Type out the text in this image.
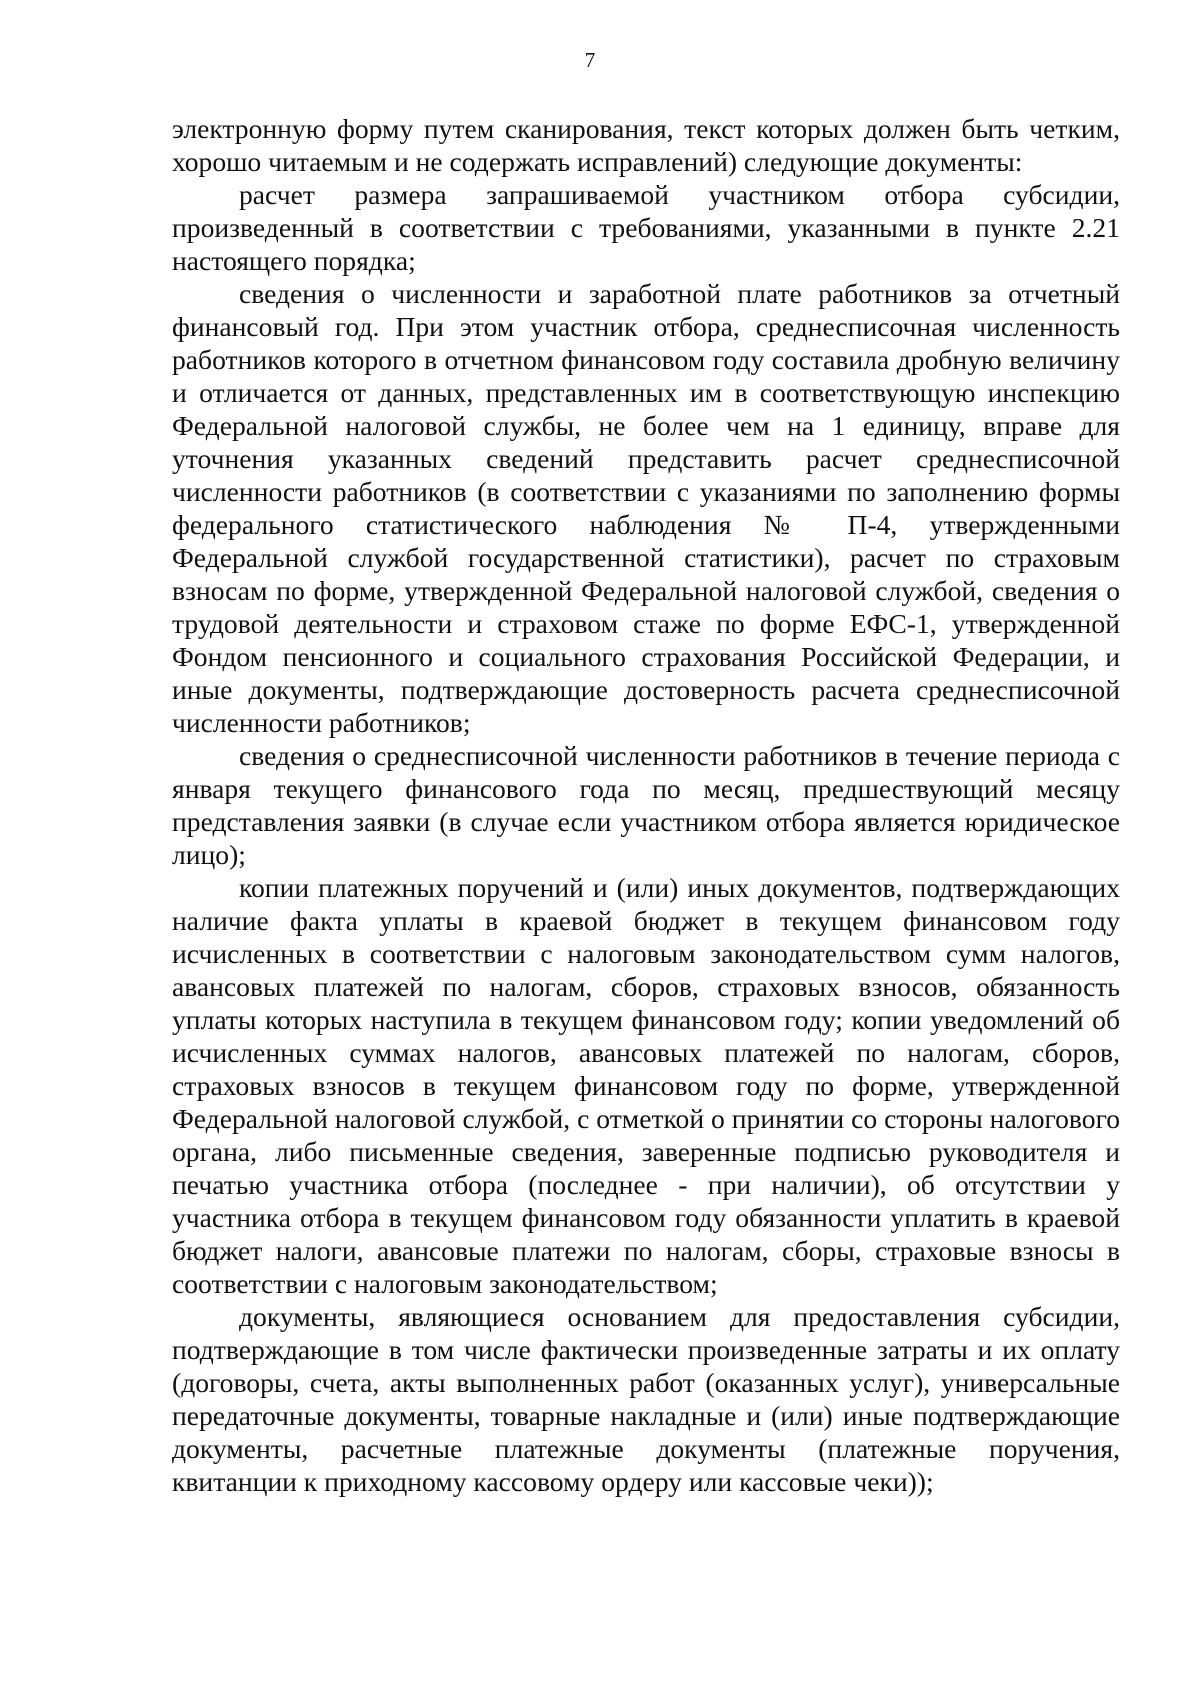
7

электронную форму путем сканирования, текст которых должен быть четким, хорошо читаемым и не содержать исправлений) следующие документы:

расчет размера запрашиваемой участником отбора субсидии, произведенный в соответствии с требованиями, указанными в пункте 2.21 настоящего порядка;

сведения о численности и заработной плате работников за отчетный финансовый год. При этом участник отбора, среднесписочная численность работников которого в отчетном финансовом году составила дробную величину и отличается от данных, представленных им в соответствующую инспекцию Федеральной налоговой службы, не более чем на 1 единицу, вправе для уточнения указанных сведений представить расчет среднесписочной численности работников (в соответствии с указаниями по заполнению формы федерального статистического наблюдения № П-4, утвержденными Федеральной службой государственной статистики), расчет по страховым взносам по форме, утвержденной Федеральной налоговой службой, сведения о трудовой деятельности и страховом стаже по форме ЕФС-1, утвержденной Фондом пенсионного и социального страхования Российской Федерации, и иные документы, подтверждающие достоверность расчета среднесписочной численности работников;

сведения о среднесписочной численности работников в течение периода с января текущего финансового года по месяц, предшествующий месяцу представления заявки (в случае если участником отбора является юридическое лицо);

копии платежных поручений и (или) иных документов, подтверждающих наличие факта уплаты в краевой бюджет в текущем финансовом году исчисленных в соответствии с налоговым законодательством сумм налогов, авансовых платежей по налогам, сборов, страховых взносов, обязанность уплаты которых наступила в текущем финансовом году; копии уведомлений об исчисленных суммах налогов, авансовых платежей по налогам, сборов, страховых взносов в текущем финансовом году по форме, утвержденной Федеральной налоговой службой, с отметкой о принятии со стороны налогового органа, либо письменные сведения, заверенные подписью руководителя и печатью участника отбора (последнее - при наличии), об отсутствии у участника отбора в текущем финансовом году обязанности уплатить в краевой бюджет налоги, авансовые платежи по налогам, сборы, страховые взносы в соответствии с налоговым законодательством;

документы, являющиеся основанием для предоставления субсидии, подтверждающие в том числе фактически произведенные затраты и их оплату (договоры, счета, акты выполненных работ (оказанных услуг), универсальные передаточные документы, товарные накладные и (или) иные подтверждающие документы, расчетные платежные документы (платежные поручения, квитанции к приходному кассовому ордеру или кассовые чеки));
